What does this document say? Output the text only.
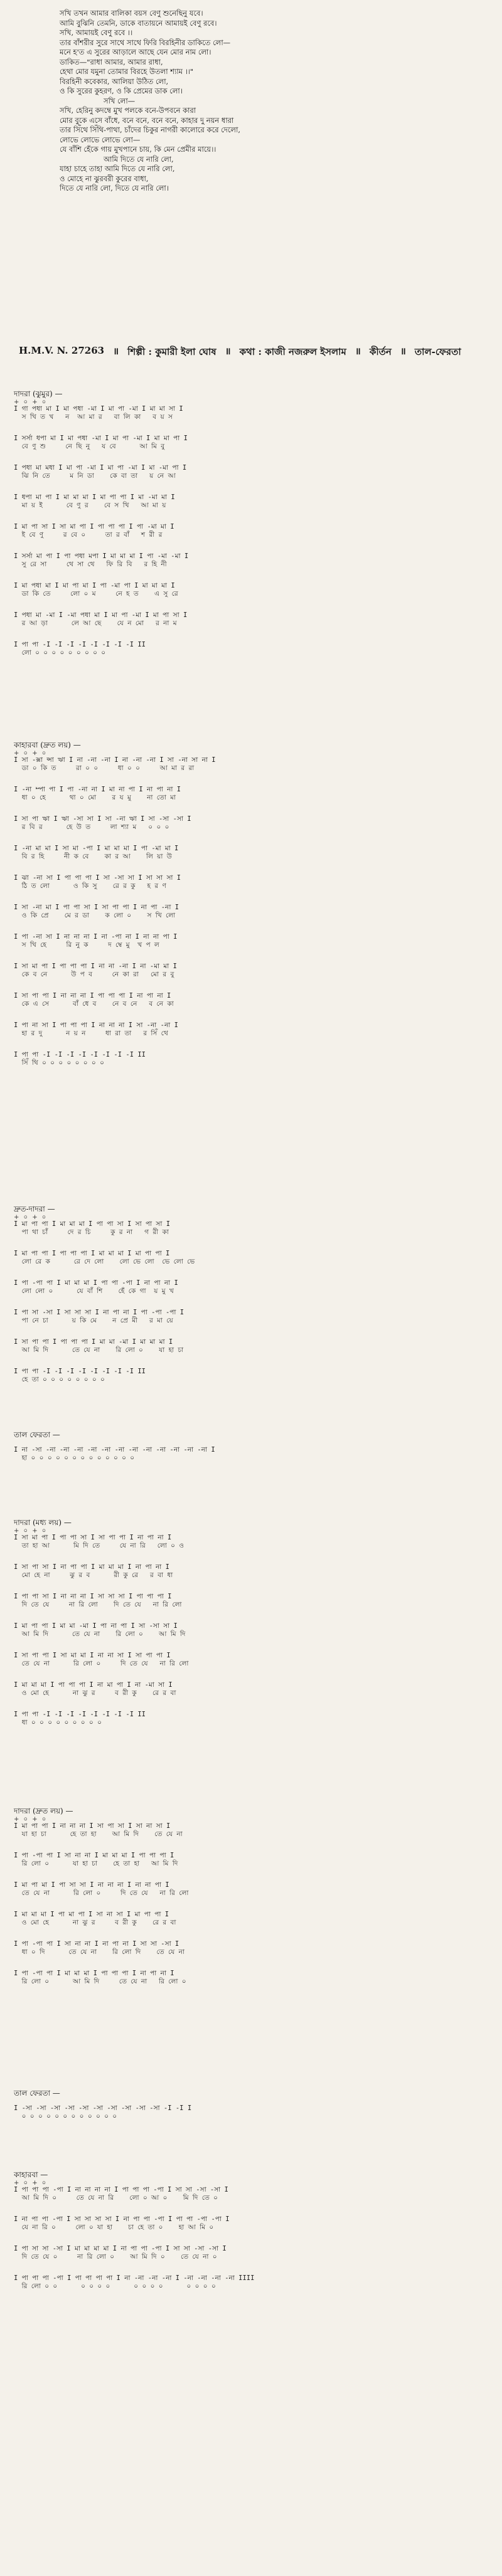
সখি তখন আমার বালিকা বয়স বেণু শুনেছিনু যবে।
আমি বুঝিনি তেমনি, ডাকে বাতায়নে আমায়ই বেণু রবে।
সখি, আমায়ই বেণু রবে ।।
তার বাঁশরীর সুরে সাথে সাথে ফিরি বিরহিনীর ডাকিতে লো—
মনে হ'ত এ সুরের আড়ালে আছে যেন মোর নাম লো।
ডাকিত—"রাধা আমার, আমার রাধা,
হেথা মোর যমুনা তোমার বিরহে উতলা শ্যাম ।।"
বিরহিনী কবেকার, আলিয়া উঠিত লো,
ও কি সুরের কুহরণ, ও কি প্রেমের ডাক লো।
সখি লো—
সখি, হেরিনু কদম্বে মুখ পলকে বনে-উপবনে কারা
মোর বুকে এসে বাঁধে, বনে বনে, বনে বনে, কাহার দু নয়ন ধারা
তার সিঁথে সিঁথি-পাথা, চাঁদের চিকুর নাগরী কালোরে করে দেলো,
লোভে লোভে লোভে লো—
যে বাঁশি হেঁকে গায় মুখপানে চায়, কি মেন প্রেমীর মায়ে।।
আমি দিতে যে নারি লো,
যাহা চাহে তাহা আমি দিতে যে নারি লো,
ও মোহে না ঝুরবরী কুরের বাধা,
দিতে যে নারি লো, দিতে যে নারি লো।
H.M.V. N. 27263 ॥ শিল্পী : কুমারী ইলা ঘোষ ॥ কথা : কাজী নজরুল ইসলাম ॥ কীর্তন ॥ তাল-ফেরতা
দাদরা (ঝুমুর) —
+ ০ + ০
I গা পধা মা I মা পধা -মা I মা পা -মা I মা মা সা I
স খি ত খ   ন  আ মা র   বা লি কা   ব য় স
I সর্সা ধপা মা I মা পধা -মা I মা পা -মা I মা মা পা I
বে ণু শু     নে ছি নু   য বে      আ মি বু
I পধা মা মধা I মা পা -মা I মা পা -মা I মা -মা পা I
ঝি নি তে     ম নি ডা    কে বা তা   য় নে আ
I ধপা মা পা I মা মা মা I মা পা পা I মা -মা মা I
মা য় ই      বে ণু র    বে স খি   আ মা য়
I মা পা সা I সা মা পা I পা পা পা I পা -মা মা I
ই বে ণু     র বে ০     তা র বাঁ   শ রী র
I সর্সা মা পা I পা পধা মপা I মা মা মা I পা -মা -মা I
সু রে সা     থে সা থে   ফি রি বি   র হি নী
I মা পধা মা I মা পা মা I পা -মা পা I মা মা মা I
ডা কি তে     লো ০ ম     নে হ ত    এ সু রে
I পধা মা -মা I -মা পধা মা I মা পা -মা I মা পা সা I
র আ ড়া      লে আ ছে    যে ন মো   র না ম
I পা পা -I -I -I -I -I -I -I -I II
লো ০ ০ ০ ০ ০ ০ ০ ০ ০
কাহারবা (দ্রুত লয়) —
+ ০ + ০
I সা -ক্সা ন্সা ঋা I না -না -না I না -না -না I সা -না সা না I
ডা ০ কি ত     রা ০ ০     ধা ০ ০     আ মা র রা
I -না ম্পা পা I পা -না না I মা না পা I না পা না I
ধা ০ হে      থা ০ মো    র য মু    না তো মা
I সা পা ঋা I ঋা -সা সা I সা -না ঋা I সা -সা -সা I
র বি র      হে উ ত     লা শ্যা ম   ০ ০ ০
I -না মা মা I সা মা -পা I মা মা মা I পা -মা মা I
বি র হি     নী ক বে    কা র আ    লি য়া উ
I ঝা -না সা I পা পা পা I সা -সা সা I সা সা সা I
ঠি ত লো      ও কি সু    রে র কু   হ র ণ
I সা -না মা I পা পা সা I সা পা পা I না পা -না I
ও কি প্রে    মে র ডা    ক লো ০    স খি লো
I পা -না সা I না না না I না -পা না I না না পা I
স খি হে     রি নু ক     দ ম্বে মু  খ প ল
I সা মা পা I পা পা পা I না না -না I না -মা মা I
কে ব নে      উ প ব     নে কা রা   মো র বু
I সা পা পা I না না না I পা পা পা I না পা না I
কে এ সে      বাঁ ধে ব    নে ব নে   ব নে কা
I পা না সা I পা পা পা I না না না I সা -না -না I
হা র দু      ন য় ন     ধা রা তা   র সিঁ থে
I পা পা -I -I -I -I -I -I -I -I II
সিঁ থি ০ ০ ০ ০ ০ ০ ০ ০
দ্রুত-দাদরা —
+ ০ + ০
I মা পা পা I মা মা মা I পা পা সা I সা পা সা I
পা থা চাঁ     দে র চি     কু র না   গ রী কা
I মা পা পা I পা পা পা I মা মা মা I মা পা পা I
লো রে ক      রে দে লো    লো ভে লো  ভে লো ভে
I পা -পা পা I মা মা মা I পা পা -পা I না পা না I
লো লো ০      যে বাঁ শি    হেঁ কে গা  য় মু খ
I পা সা -সা I সা সা সা I না পা না I পা -পা -পা I
পা নে চা      য় কি মে    ন প্রে মী   র মা য়ে
I সা পা পা I পা পা পা I মা মা -মা I মা মা মা I
আ মি দি      তে যে না    রি লো ০    যা হা চা
I পা পা -I -I -I -I -I -I -I -I II
হে তা ০ ০ ০ ০ ০ ০ ০ ০
তাল ফেরতা —
I না -সা -না -না -না -না -না -না -না -না -না -না -না -না I
হা ০ ০ ০ ০ ০ ০ ০ ০ ০ ০ ০ ০ ০
দাদরা (মধ্য লয়) —
+ ০ + ০
I সা মা পা I পা পা সা I সা পা পা I না পা না I
তা হা আ      মি দি তে     যে না রি   লো ০ ও
I সা পা সা I না পা পা I মা মা মা I না পা না I
মো হে না     ঝু র ব      রী কু রে   র বা ধা
I পা পা সা I না না না I সা সা সা I পা পা পা I
দি তে যে     না রি লো    দি তে যে   না রি লো
I মা পা পা I মা মা -মা I পা না পা I সা -সা সা I
আ মি দি      তে যে না    রি লো ০    আ মি দি
I সা পা পা I সা মা মা I না না সা I সা পা পা I
তে যে না      রি লো ০     দি তে যে   না রি লো
I মা মা মা I পা পা পা I না মা পা I না -মা সা I
ও মো হে      না ঝু র     ব রী কু    রে র বা
I পা পা -I -I -I -I -I -I -I -I II
ধা ০ ০ ০ ০ ০ ০ ০ ০ ০
দাদরা (দ্রুত লয়) —
+ ০ + ০
I মা পা পা I না না না I সা পা সা I সা না সা I
যা হা চা      হে তা হা    আ মি দি    তে যে না
I পা -পা পা I সা না না I মা মা মা I পা পা পা I
রি লো ০      যা হা চা    হে তা হা   আ মি দি
I মা পা মা I পা সা সা I না না না I না না পা I
তে যে না      রি লো ০     দি তে যে   না রি লো
I মা মা মা I পা মা পা I সা না সা I মা পা পা I
ও মো হে      না ঝু র     ব রী কু    রে র বা
I পা -পা পা I সা না না I না পা না I সা সা -সা I
ধা ০ দি      তে যে না    রি লো দি    তে যে না
I পা -পা পা I মা মা মা I পা পা পা I না পা না I
রি লো ০      আ মি দি     তে যে না   রি লো ০
তাল ফেরতা —
I -সা -সা -সা -সা -সা -সা -সা -সা -সা -সা -I -I I
০ ০ ০ ০ ০ ০ ০ ০ ০ ০ ০ ০
কাহারবা —
+ ০ + ০
I পা পা পা -পা I না না না না I পা পা পা -পা I সা সা -সা -সা I
আ মি দি ০     তে যে না রি    লো ০ আ ০    মি দি তে ০
I না পা পা -পা I সা সা সা সা I না পা পা -পা I পা পা -পা -পা I
যে না রি ০     লো ০ যা হা    চা হে তা ০    হা আ মি ০
I পা সা সা -সা I মা মা মা মা I না পা পা -পা I সা সা -সা -সা I
দি তে যে ০     না রি লো ০    আ মি দি ০    তে যে না ০
I পা পা পা -পা I পা পা পা পা I না -না -না -না I -না -না -না -না IIII
রি লো ০ ০      ০ ০ ০ ০      ০ ০ ০ ০      ০ ০ ০ ০
